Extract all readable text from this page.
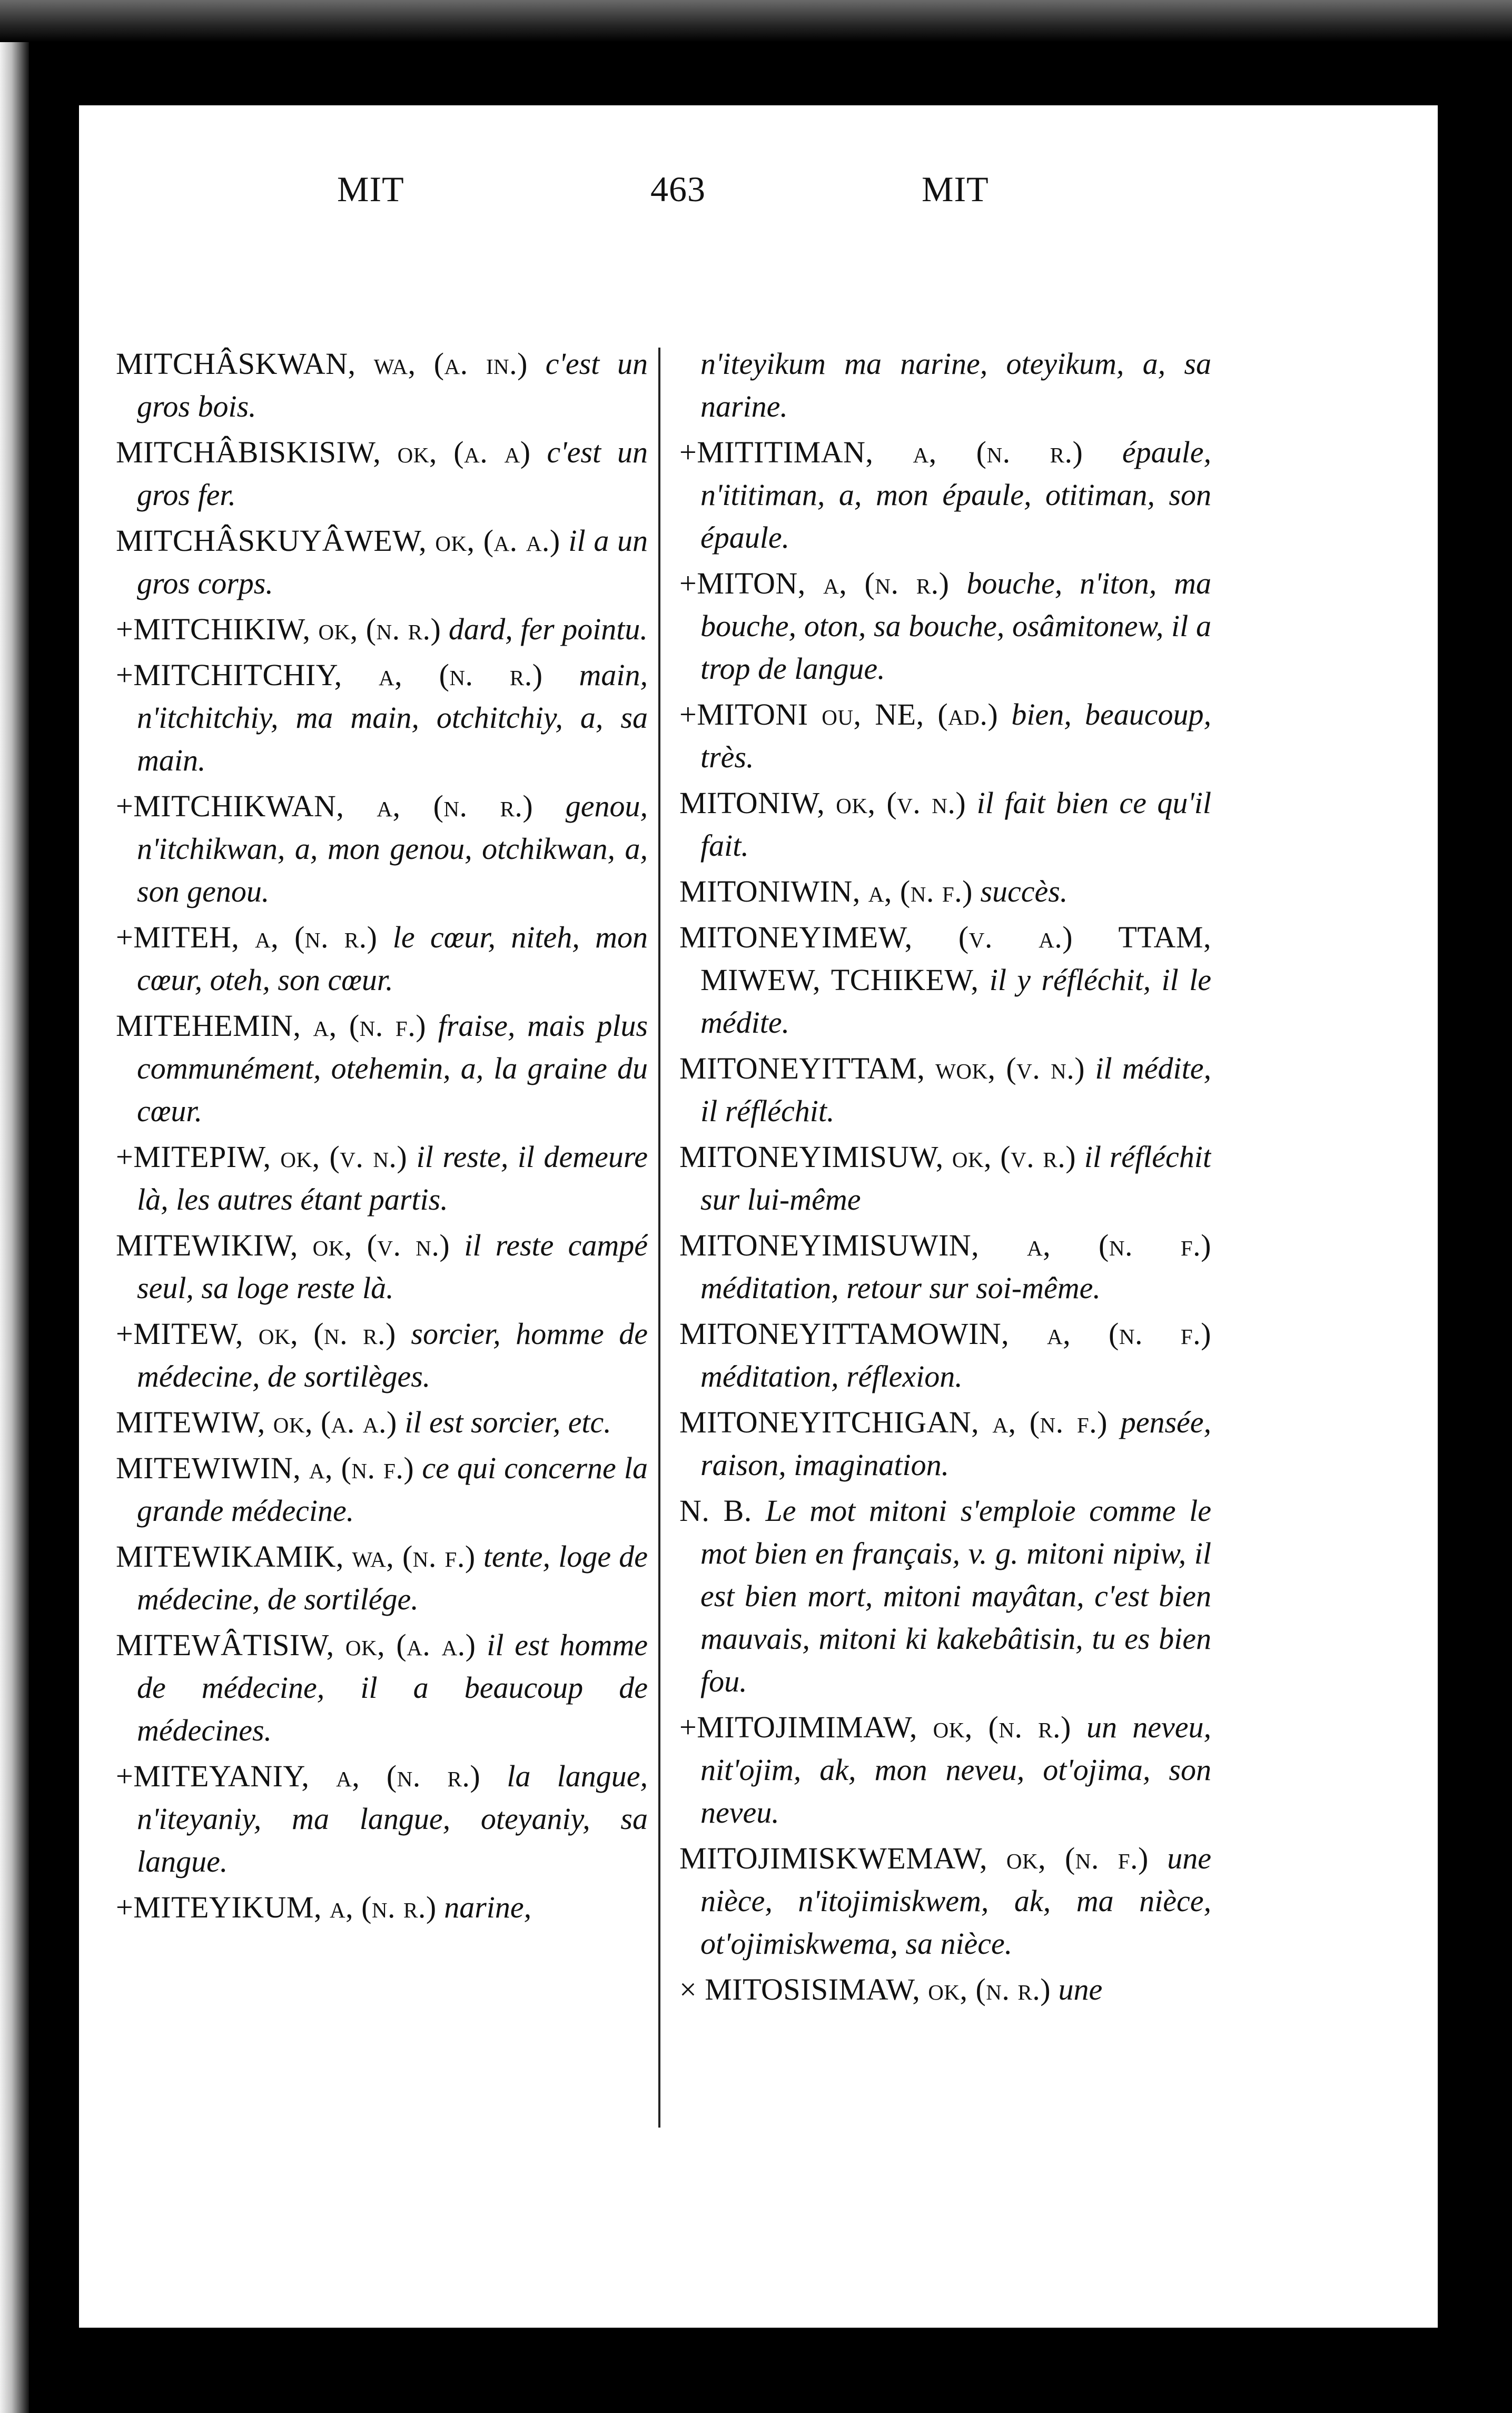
MIT	463	MIT

MITCHÂSKWAN, wa, (a. in.) c'est un gros bois.

MITCHÂBISKISIW, ok, (a. a) c'est un gros fer.

MITCHÂSKUYÂWEW, ok, (a. a.) il a un gros corps.

+MITCHIKIW, ok, (n. r.) dard, fer pointu.

+MITCHITCHIY, a, (n. r.) main, n'itchitchiy, ma main, otchitchiy, a, sa main.

+MITCHIKWAN, a, (n. r.) genou, n'itchikwan, a, mon genou, otchikwan, a, son genou.

+MITEH, a, (n. r.) le cœur, niteh, mon cœur, oteh, son cœur.

MITEHEMIN, a, (n. f.) fraise, mais plus communément, otehemin, a, la graine du cœur.

+MITEPIW, ok, (v. n.) il reste, il demeure là, les autres étant partis.

MITEWIKIW, ok, (v. n.) il reste campé seul, sa loge reste là.

+MITEW, ok, (n. r.) sorcier, homme de médecine, de sortilèges.

MITEWIW, ok, (a. a.) il est sorcier, etc.

MITEWIWIN, a, (n. f.) ce qui concerne la grande médecine.

MITEWIKAMIK, wa, (n. f.) tente, loge de médecine, de sortilége.

MITEWÂTISIW, ok, (a. a.) il est homme de médecine, il a beaucoup de médecines.

+MITEYANIY, a, (n. r.) la langue, n'iteyaniy, ma langue, oteyaniy, sa langue.

+MITEYIKUM, a, (n. r.) narine,

n'iteyikum ma narine, oteyikum, a, sa narine.

+MITITIMAN, a, (n. r.) épaule, n'ititiman, a, mon épaule, otitiman, son épaule.

+MITON, a, (n. r.) bouche, n'iton, ma bouche, oton, sa bouche, osâmitonew, il a trop de langue.

+MITONI ou, NE, (ad.) bien, beaucoup, très.

MITONIW, ok, (v. n.) il fait bien ce qu'il fait.

MITONIWIN, a, (n. f.) succès.

MITONEYIMEW, (v. a.) TTAM, MIWEW, TCHIKEW, il y réfléchit, il le médite.

MITONEYITTAM, wok, (v. n.) il médite, il réfléchit.

MITONEYIMISUW, ok, (v. r.) il réfléchit sur lui-même

MITONEYIMISUWIN, a, (n. f.) méditation, retour sur soi-même.

MITONEYITTAMOWIN, a, (n. f.) méditation, réflexion.

MITONEYITCHIGAN, a, (n. f.) pensée, raison, imagination.

N. B. Le mot mitoni s'emploie comme le mot bien en français, v. g. mitoni nipiw, il est bien mort, mitoni mayâtan, c'est bien mauvais, mitoni ki kakebâtisin, tu es bien fou.

+MITOJIMIMAW, ok, (n. r.) un neveu, nit'ojim, ak, mon neveu, ot'ojima, son neveu.

MITOJIMISKWEMAW, ok, (n. f.) une nièce, n'itojimiskwem, ak, ma nièce, ot'ojimiskwema, sa nièce.

× MITOSISIMAW, ok, (n. r.) une
